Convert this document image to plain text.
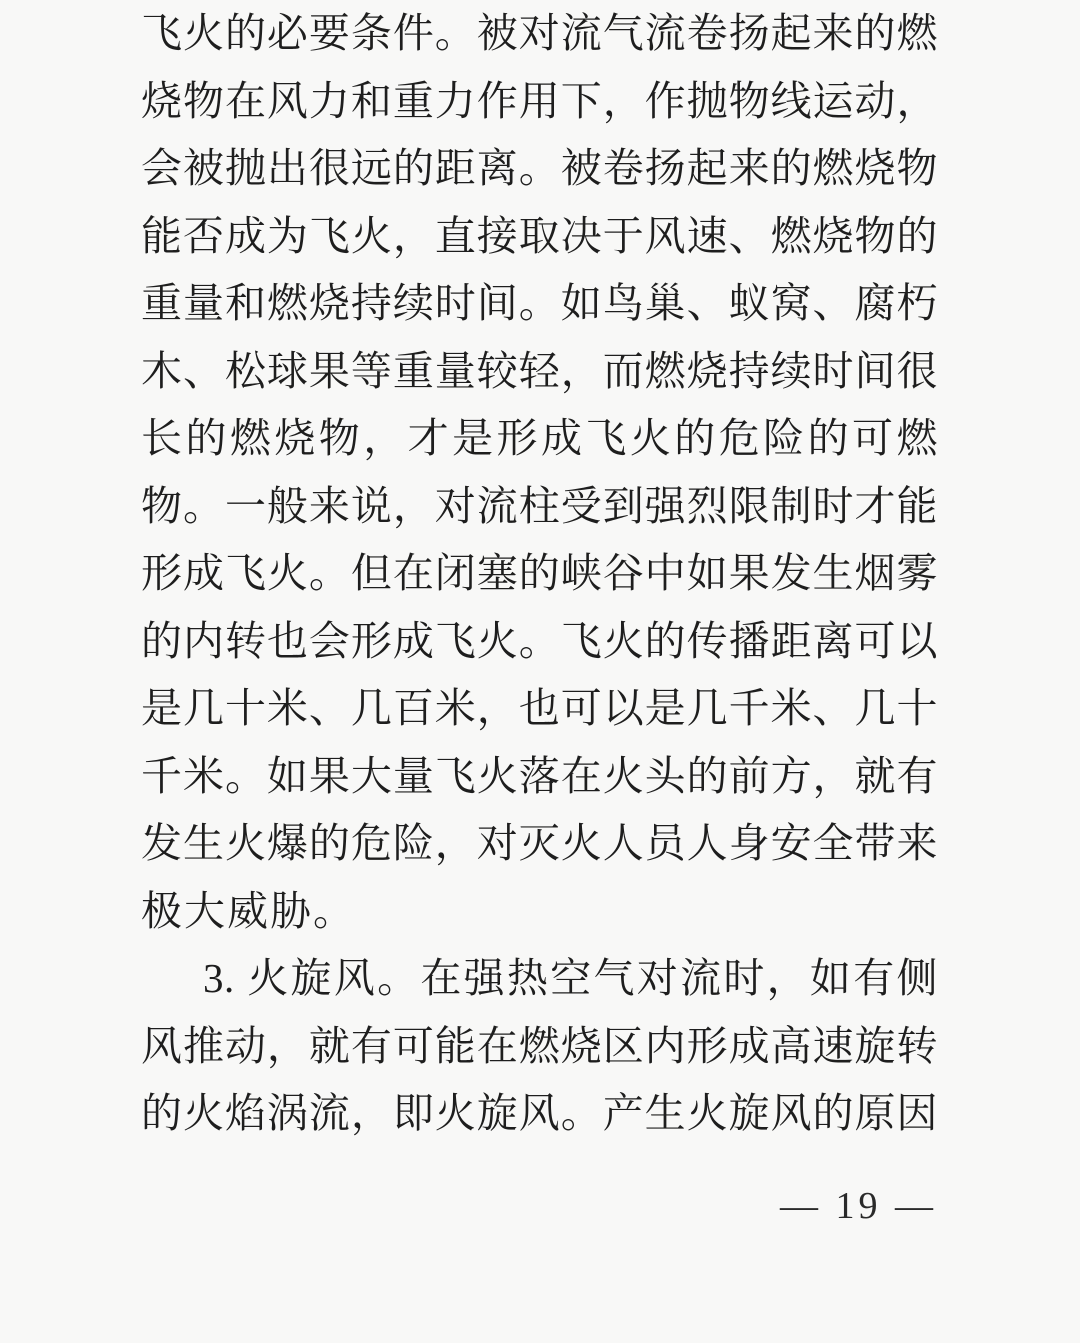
飞火的必要条件。被对流气流卷扬起来的燃
烧物在风力和重力作用下，作抛物线运动，
会被抛出很远的距离。被卷扬起来的燃烧物
能否成为飞火，直接取决于风速、燃烧物的
重量和燃烧持续时间。如鸟巢、蚁窝、腐朽
木、松球果等重量较轻，而燃烧持续时间很
长的燃烧物，才是形成飞火的危险的可燃
物。一般来说，对流柱受到强烈限制时才能
形成飞火。但在闭塞的峡谷中如果发生烟雾
的内转也会形成飞火。飞火的传播距离可以
是几十米、几百米，也可以是几千米、几十
千米。如果大量飞火落在火头的前方，就有
发生火爆的危险，对灭火人员人身安全带来
极大威胁。
3. 火旋风。在强热空气对流时，如有侧
风推动，就有可能在燃烧区内形成高速旋转
的火焰涡流，即火旋风。产生火旋风的原因
— 19 —
